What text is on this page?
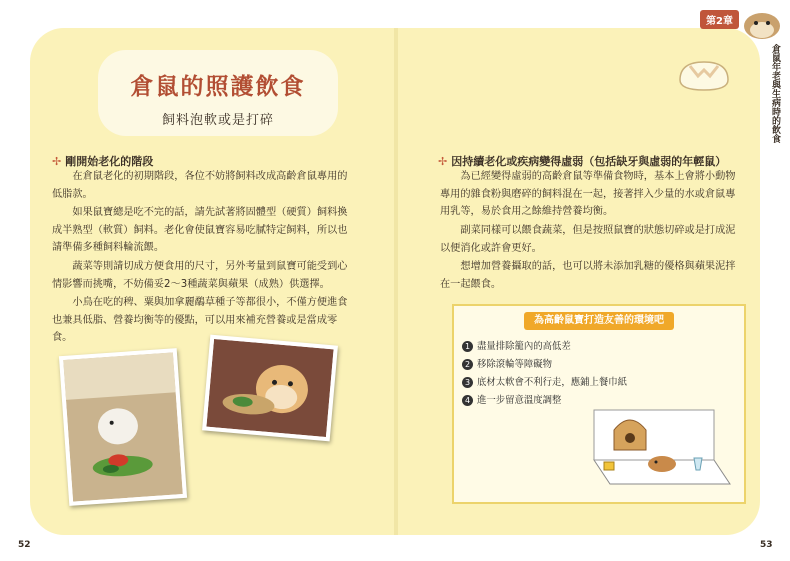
第2章
倉鼠年老與生病時的飲食
倉鼠的照護飲食
飼料泡軟或是打碎
✢ 剛開始老化的階段

在倉鼠老化的初期階段，各位不妨將飼料改成高齡倉鼠專用的低脂款。

如果鼠寶總是吃不完的話，請先試著將固體型（硬質）飼料換成半熟型（軟質）飼料。老化會使鼠寶容易吃膩特定飼料，所以也請準備多種飼料輪流餵。

蔬菜等則請切成方便食用的尺寸，另外考量到鼠寶可能受到心情影響而挑嘴，不妨備妥2〜3種蔬菜與蘋果（成熟）供選擇。

小鳥在吃的稗、粟與加拿麗鷸草種子等都很小，不僅方便進食也兼具低脂、營養均衡等的優點，可以用來補充營養或是當成零食。

52
✢ 因持續老化或疾病變得虛弱（包括缺牙與虛弱的年輕鼠）

為已經變得虛弱的高齡倉鼠等準備食物時，基本上會將小動物專用的雜食粉與磨碎的飼料混在一起，接著拌入少量的水或倉鼠專用乳等，易於食用之餘維持營養均衡。

副菜同樣可以餵食蔬菜，但是按照鼠寶的狀態切碎或是打成泥以便消化或許會更好。

想增加營養攝取的話，也可以將未添加乳糖的優格與蘋果泥拌在一起餵食。

為高齡鼠寶打造友善的環境吧
1 盡量排除籠內的高低差
2 移除滾輪等障礙物
3 底材太軟會不利行走，應鋪上餐巾紙
4 進一步留意溫度調整
53
